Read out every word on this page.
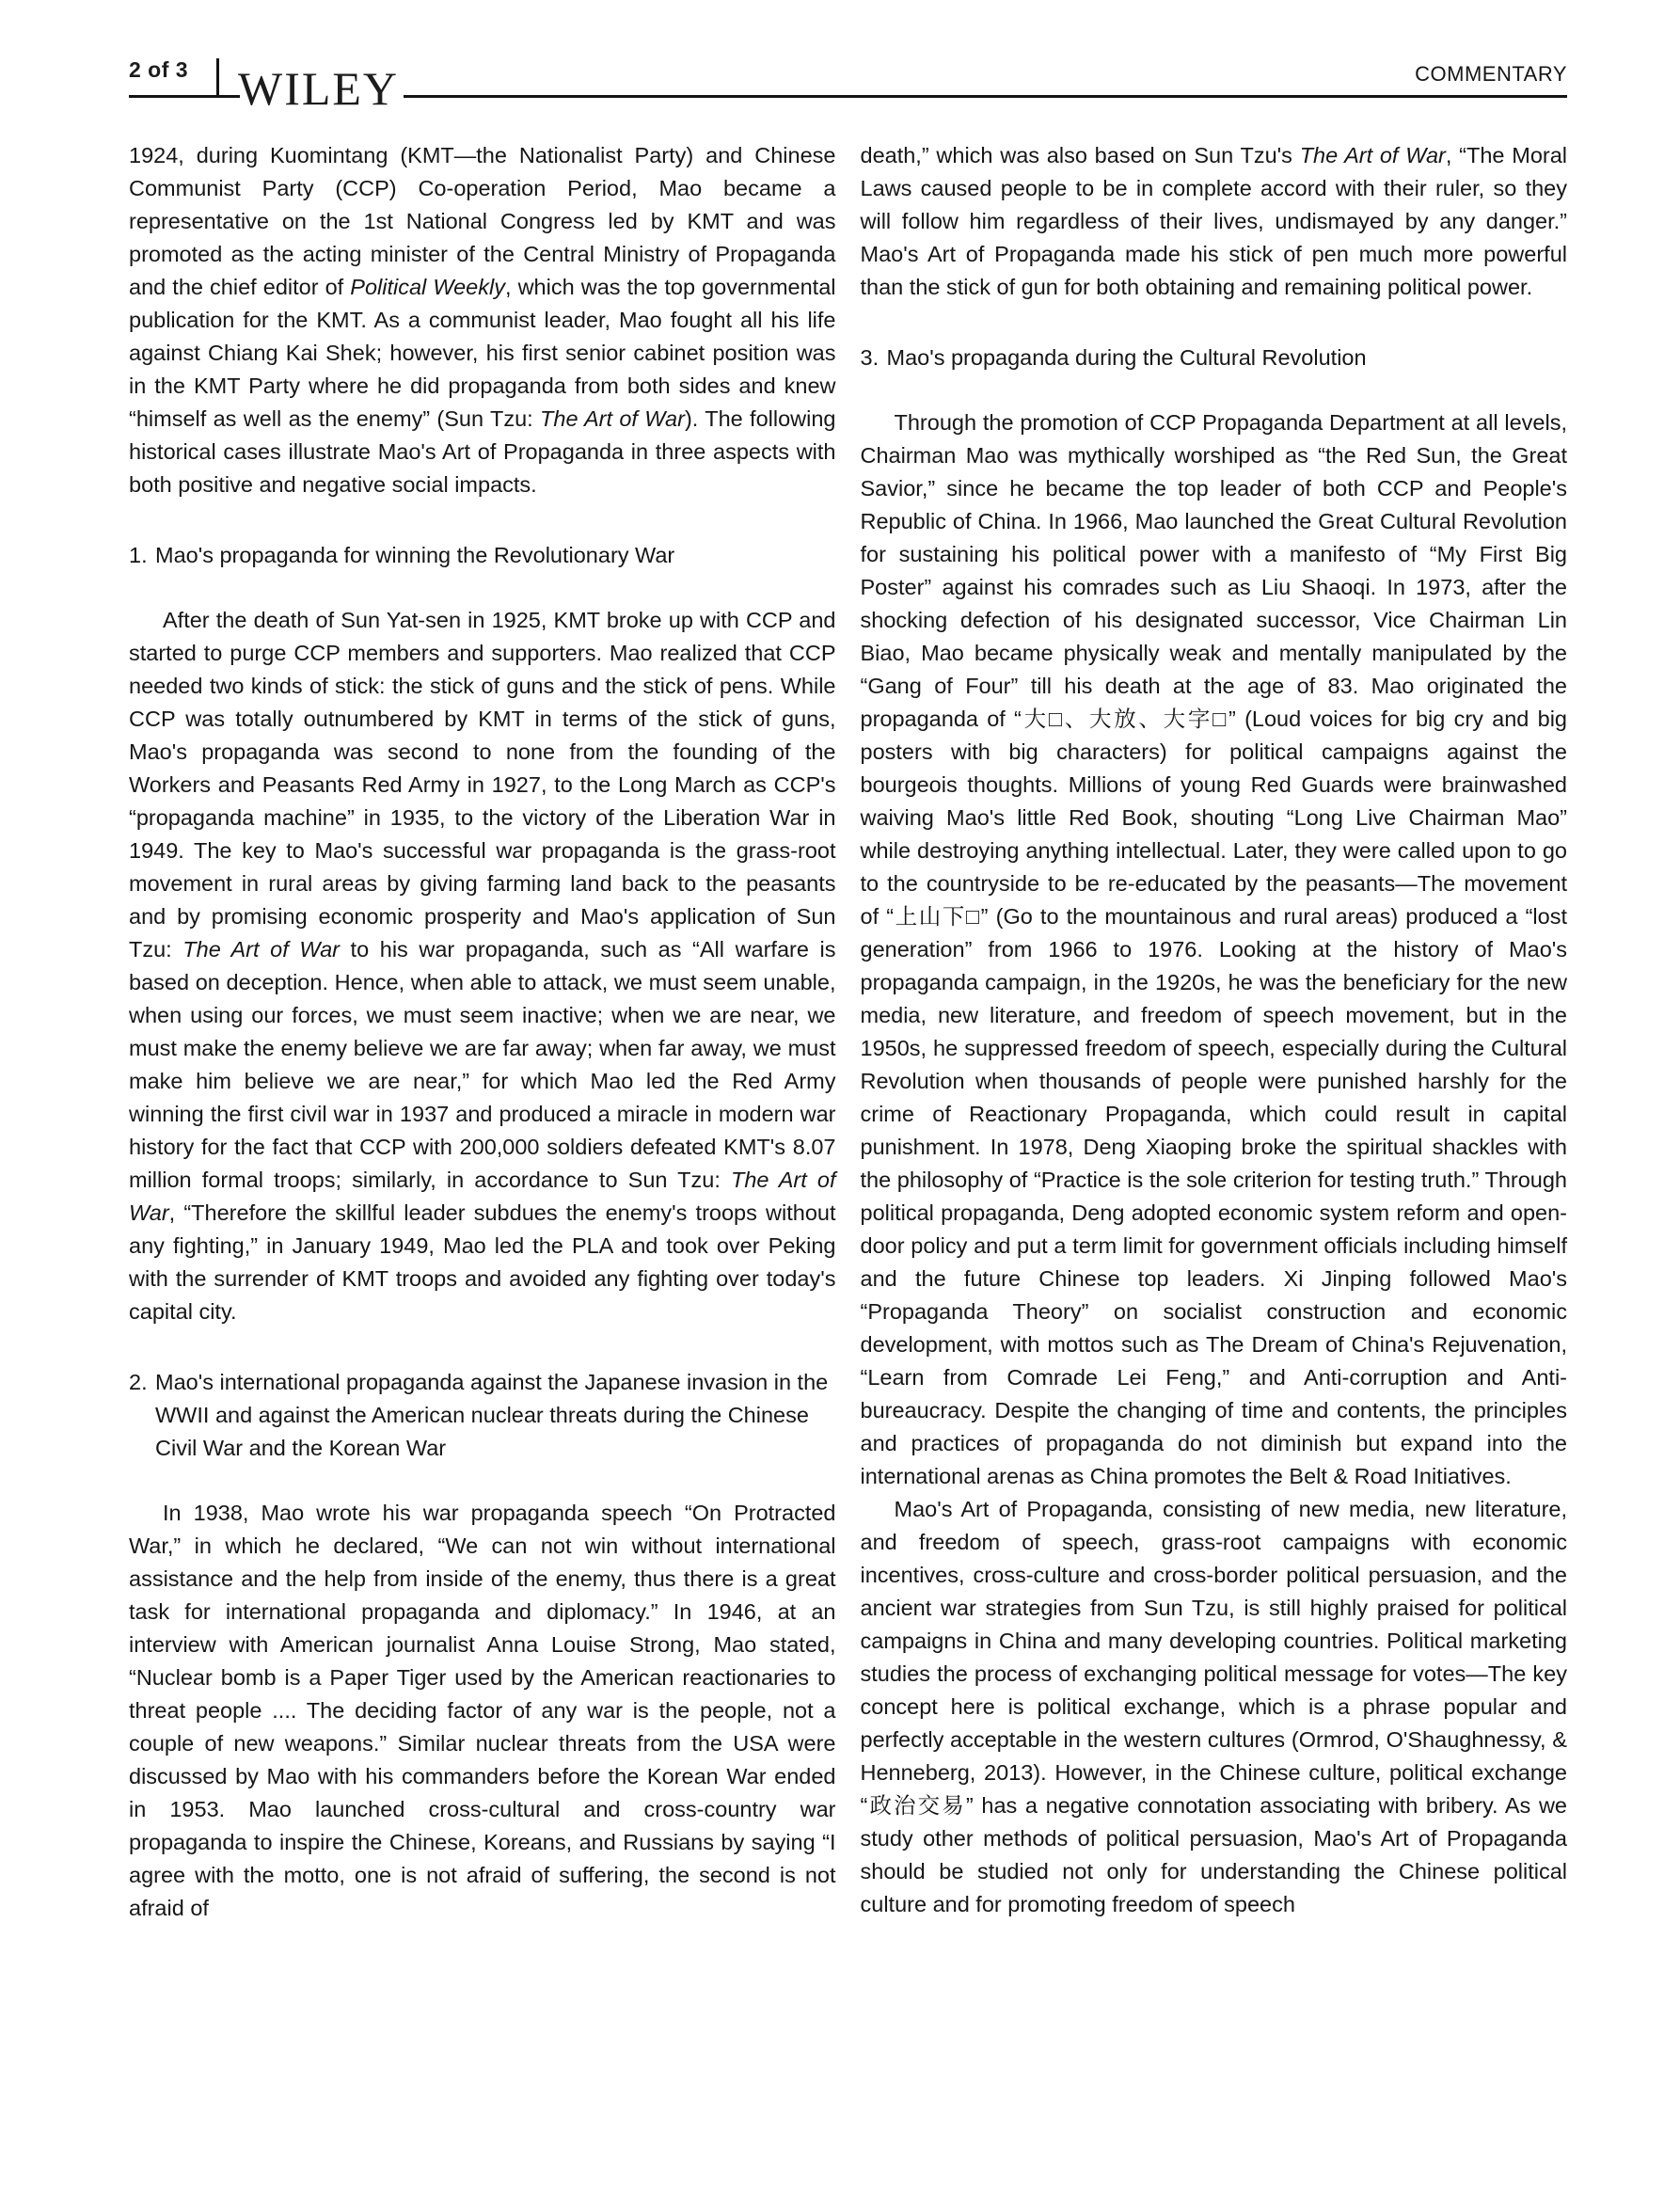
2 of 3 WILEY	COMMENTARY

1924, during Kuomintang (KMT—the Nationalist Party) and Chinese Communist Party (CCP) Co-operation Period, Mao became a representative on the 1st National Congress led by KMT and was promoted as the acting minister of the Central Ministry of Propaganda and the chief editor of Political Weekly, which was the top governmental publication for the KMT. As a communist leader, Mao fought all his life against Chiang Kai Shek; however, his first senior cabinet position was in the KMT Party where he did propaganda from both sides and knew “himself as well as the enemy” (Sun Tzu: The Art of War). The following historical cases illustrate Mao's Art of Propaganda in three aspects with both positive and negative social impacts.

1. Mao's propaganda for winning the Revolutionary War

After the death of Sun Yat-sen in 1925, KMT broke up with CCP and started to purge CCP members and supporters. Mao realized that CCP needed two kinds of stick: the stick of guns and the stick of pens. While CCP was totally outnumbered by KMT in terms of the stick of guns, Mao's propaganda was second to none from the founding of the Workers and Peasants Red Army in 1927, to the Long March as CCP's “propaganda machine” in 1935, to the victory of the Liberation War in 1949. The key to Mao's successful war propaganda is the grass-root movement in rural areas by giving farming land back to the peasants and by promising economic prosperity and Mao's application of Sun Tzu: The Art of War to his war propaganda, such as “All warfare is based on deception. Hence, when able to attack, we must seem unable, when using our forces, we must seem inactive; when we are near, we must make the enemy believe we are far away; when far away, we must make him believe we are near,” for which Mao led the Red Army winning the first civil war in 1937 and produced a miracle in modern war history for the fact that CCP with 200,000 soldiers defeated KMT's 8.07 million formal troops; similarly, in accordance to Sun Tzu: The Art of War, “Therefore the skillful leader subdues the enemy's troops without any fighting,” in January 1949, Mao led the PLA and took over Peking with the surrender of KMT troops and avoided any fighting over today's capital city.

2. Mao's international propaganda against the Japanese invasion in the WWII and against the American nuclear threats during the Chinese Civil War and the Korean War

In 1938, Mao wrote his war propaganda speech “On Protracted War,” in which he declared, “We can not win without international assistance and the help from inside of the enemy, thus there is a great task for international propaganda and diplomacy.” In 1946, at an interview with American journalist Anna Louise Strong, Mao stated, “Nuclear bomb is a Paper Tiger used by the American reactionaries to threat people .... The deciding factor of any war is the people, not a couple of new weapons.” Similar nuclear threats from the USA were discussed by Mao with his commanders before the Korean War ended in 1953. Mao launched cross-cultural and cross-country war propaganda to inspire the Chinese, Koreans, and Russians by saying “I agree with the motto, one is not afraid of suffering, the second is not afraid of

death,” which was also based on Sun Tzu's The Art of War, “The Moral Laws caused people to be in complete accord with their ruler, so they will follow him regardless of their lives, undismayed by any danger.” Mao's Art of Propaganda made his stick of pen much more powerful than the stick of gun for both obtaining and remaining political power.

3. Mao's propaganda during the Cultural Revolution

Through the promotion of CCP Propaganda Department at all levels, Chairman Mao was mythically worshiped as “the Red Sun, the Great Savior,” since he became the top leader of both CCP and People's Republic of China. In 1966, Mao launched the Great Cultural Revolution for sustaining his political power with a manifesto of “My First Big Poster” against his comrades such as Liu Shaoqi. In 1973, after the shocking defection of his designated successor, Vice Chairman Lin Biao, Mao became physically weak and mentally manipulated by the “Gang of Four” till his death at the age of 83. Mao originated the propaganda of “大□、大放、大字□” (Loud voices for big cry and big posters with big characters) for political campaigns against the bourgeois thoughts. Millions of young Red Guards were brainwashed waiving Mao's little Red Book, shouting “Long Live Chairman Mao” while destroying anything intellectual. Later, they were called upon to go to the countryside to be re-educated by the peasants—The movement of “上山下□” (Go to the mountainous and rural areas) produced a “lost generation” from 1966 to 1976. Looking at the history of Mao's propaganda campaign, in the 1920s, he was the beneficiary for the new media, new literature, and freedom of speech movement, but in the 1950s, he suppressed freedom of speech, especially during the Cultural Revolution when thousands of people were punished harshly for the crime of Reactionary Propaganda, which could result in capital punishment. In 1978, Deng Xiaoping broke the spiritual shackles with the philosophy of “Practice is the sole criterion for testing truth.” Through political propaganda, Deng adopted economic system reform and open-door policy and put a term limit for government officials including himself and the future Chinese top leaders. Xi Jinping followed Mao's “Propaganda Theory” on socialist construction and economic development, with mottos such as The Dream of China's Rejuvenation, “Learn from Comrade Lei Feng,” and Anti-corruption and Anti-bureaucracy. Despite the changing of time and contents, the principles and practices of propaganda do not diminish but expand into the international arenas as China promotes the Belt & Road Initiatives.

Mao's Art of Propaganda, consisting of new media, new literature, and freedom of speech, grass-root campaigns with economic incentives, cross-culture and cross-border political persuasion, and the ancient war strategies from Sun Tzu, is still highly praised for political campaigns in China and many developing countries. Political marketing studies the process of exchanging political message for votes—The key concept here is political exchange, which is a phrase popular and perfectly acceptable in the western cultures (Ormrod, O'Shaughnessy, & Henneberg, 2013). However, in the Chinese culture, political exchange “政治交易” has a negative connotation associating with bribery. As we study other methods of political persuasion, Mao's Art of Propaganda should be studied not only for understanding the Chinese political culture and for promoting freedom of speech
